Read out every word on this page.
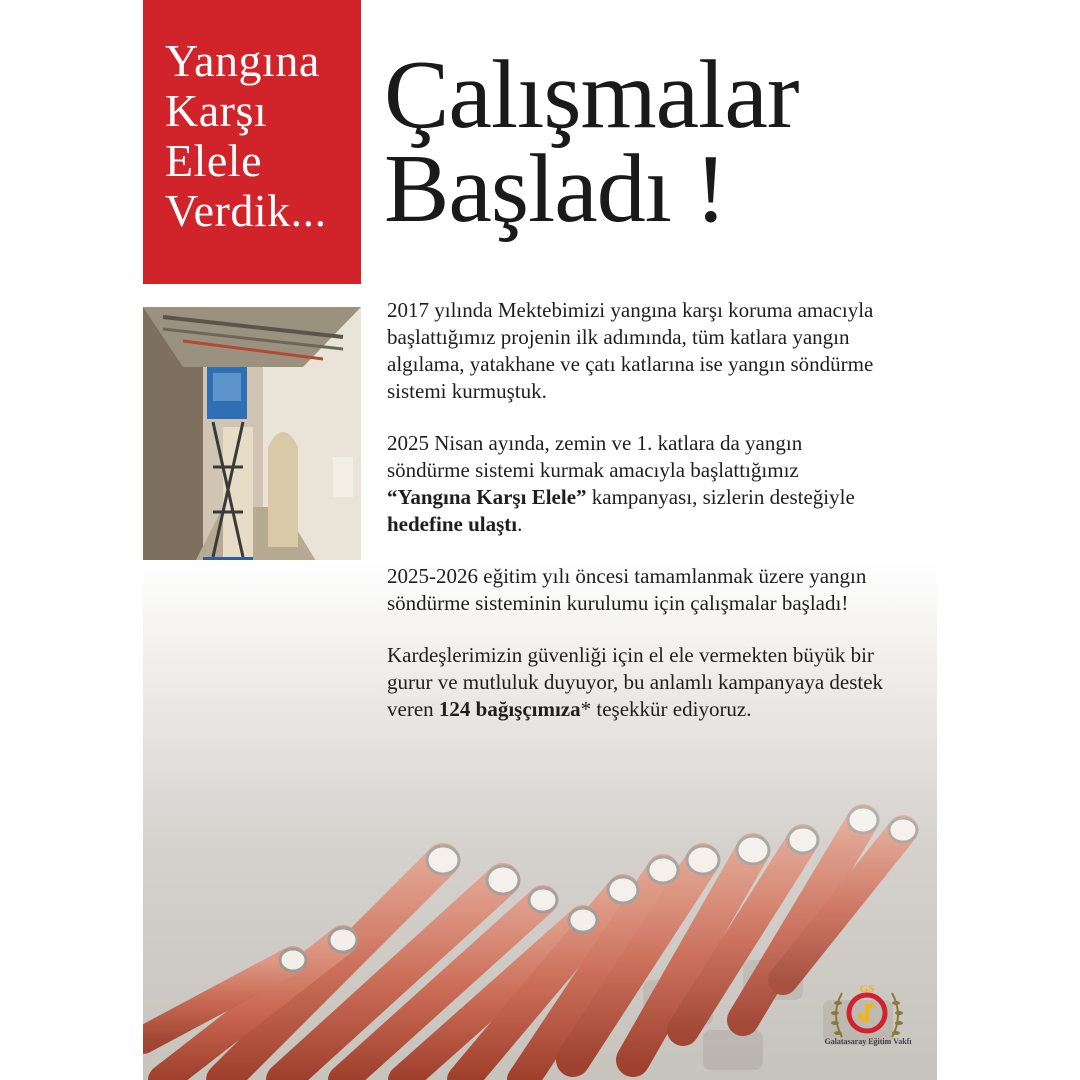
Yangına
Karşı
Elele
Verdik...
Çalışmalar
Başladı !

2017 yılında Mektebimizi yangına karşı koruma amacıyla başlattığımız projenin ilk adımında, tüm katlara yangın algılama, yatakhane ve çatı katlarına ise yangın söndürme sistemi kurmuştuk.

2025 Nisan ayında, zemin ve 1. katlara da yangın söndürme sistemi kurmak amacıyla başlattığımız “Yangına Karşı Elele” kampanyası, sizlerin desteğiyle hedefine ulaştı.

2025-2026 eğitim yılı öncesi tamamlanmak üzere yangın söndürme sisteminin kurulumu için çalışmalar başladı!

Kardeşlerimizin güvenliği için el ele vermekten büyük bir gurur ve mutluluk duyuyor, bu anlamlı kampanyaya destek veren 124 bağışçımıza* teşekkür ediyoruz.

GS
Galatasaray Eğitim Vakfı
